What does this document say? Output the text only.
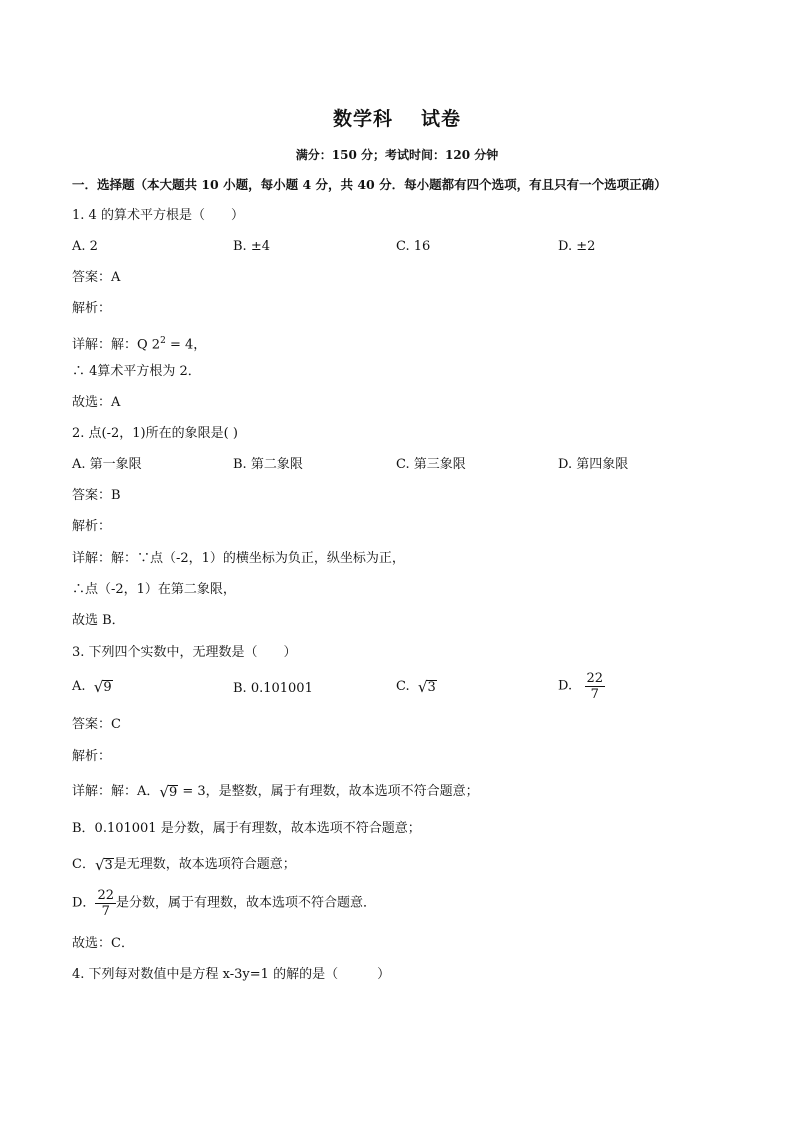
数学科 试卷
满分：150 分；考试时间：120 分钟
一．选择题（本大题共 10 小题，每小题 4 分，共 40 分．每小题都有四个选项，有且只有一个选项正确）
1. 4 的算术平方根是（　　）
A. 2	B. ±4	C. 16	D. ±2
答案：A
解析：
详解：解：Q $2^2 = 4$，
∴ 4算术平方根为 2．
故选：A
2. 点(-2，1)所在的象限是( )
A. 第一象限	B. 第二象限	C. 第三象限	D. 第四象限
答案：B
解析：
详解：解：∵点（-2，1）的横坐标为负正，纵坐标为正，
∴点（-2，1）在第二象限，
故选 B．
3. 下列四个实数中，无理数是（　　）
A. √ 9	B. 0.101001	C. √ 3	D. $\frac{22}{7}$
答案：C
解析：
详解：解：A． √ 9 = 3，是整数，属于有理数，故本选项不符合题意；
B．0.101001 是分数，属于有理数，故本选项不符合题意；
C． √ 3 是无理数，故本选项符合题意；
D． $\frac{22}{7}$ 是分数，属于有理数，故本选项不符合题意．
故选：C．
4. 下列每对数值中是方程 x-3y=1 的解的是（　　　）
